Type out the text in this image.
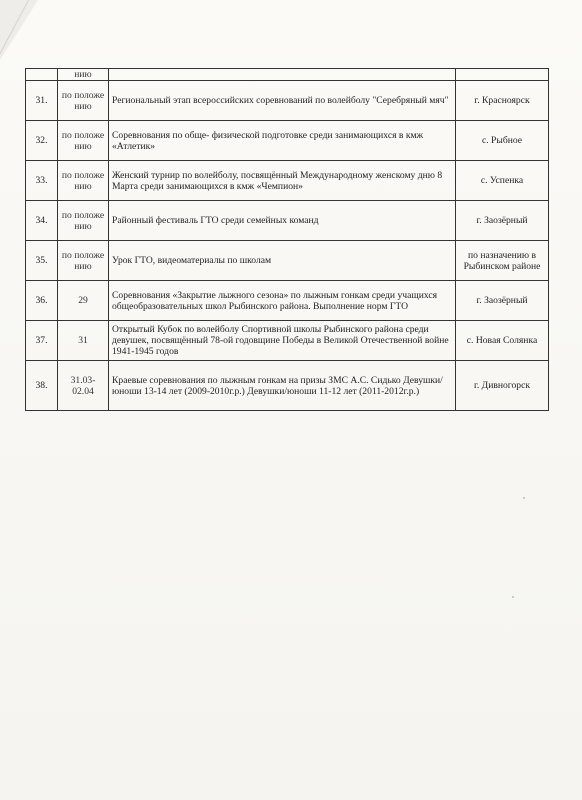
	нию		
31.	по положе нию	Региональный этап всероссийских соревнований по волейболу "Серебряный мяч"	г. Красноярск
32.	по положе нию	Соревнования по обще- физической подготовке среди занимающихся в кмж «Атлетик»	с. Рыбное
33.	по положе нию	Женский турнир по волейболу, посвящённый Международному женскому дню 8 Марта среди занимающихся в кмж «Чемпион»	с. Успенка
34.	по положе нию	Районный фестиваль ГТО среди семейных команд	г. Заозёрный
35.	по положе нию	Урок ГТО, видеоматериалы по школам	по назначению в Рыбинском районе
36.	29	Соревнования «Закрытие лыжного сезона» по лыжным гонкам среди учащихся общеобразовательных школ Рыбинского района. Выполнение норм ГТО	г. Заозёрный
37.	31	Открытый Кубок по волейболу Спортивной школы Рыбинского района среди девушек, посвящённый 78-ой годовщине Победы в Великой Отечественной войне 1941-1945 годов	с. Новая Солянка
38.	31.03-02.04	Краевые соревнования по лыжным гонкам на призы ЗМС А.С. Сидько Девушки/юноши 13-14 лет (2009-2010г.р.) Девушки/юноши 11-12 лет (2011-2012г.р.)	г. Дивногорск
